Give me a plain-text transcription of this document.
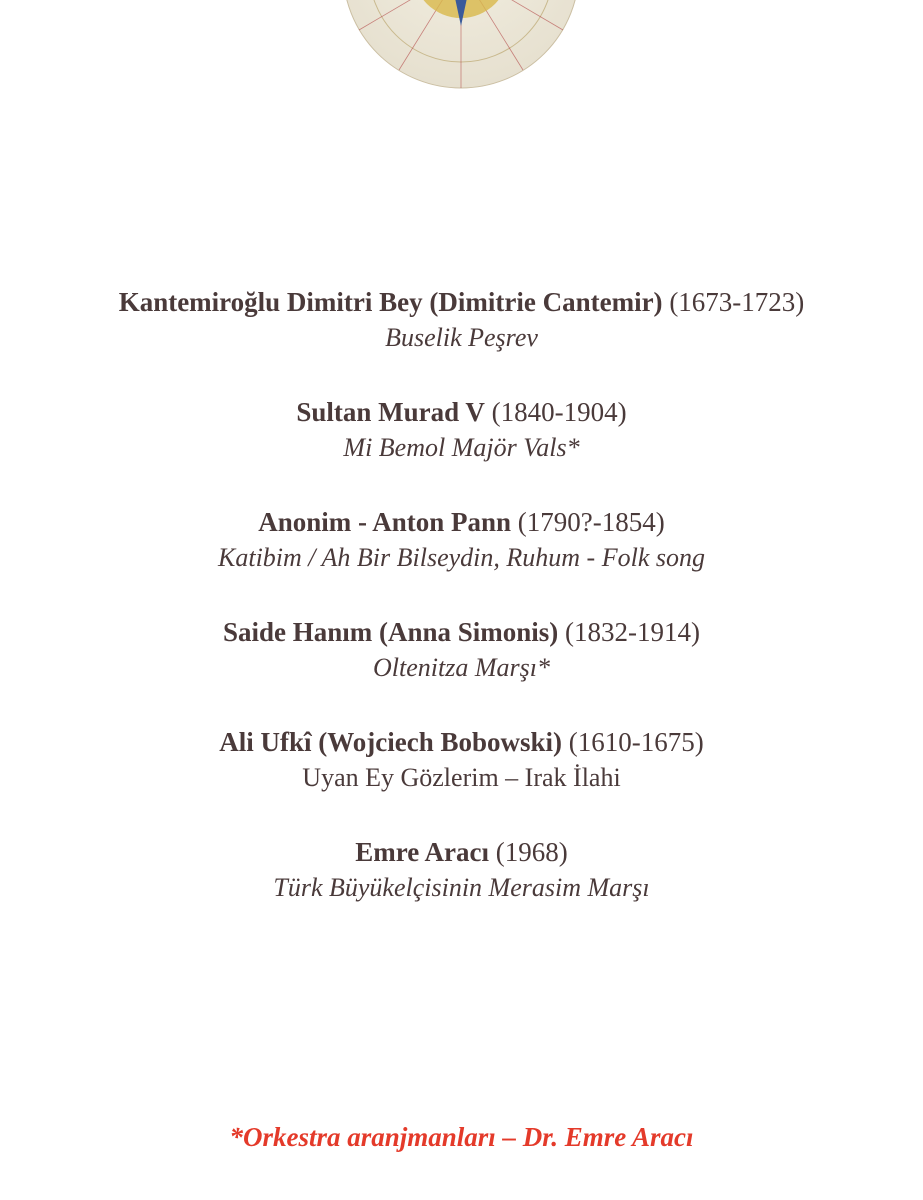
Kantemiroğlu Dimitri Bey (Dimitrie Cantemir) (1673-1723)
Buselik Peşrev
Sultan Murad V (1840-1904)
Mi Bemol Majör Vals*
Anonim - Anton Pann (1790?-1854)
Katibim / Ah Bir Bilseydin, Ruhum - Folk song
Saide Hanım (Anna Simonis) (1832-1914)
Oltenitza Marşı*
Ali Ufkî (Wojciech Bobowski) (1610-1675)
Uyan Ey Gözlerim – Irak İlahi
Emre Aracı (1968)
Türk Büyükelçisinin Merasim Marşı
*Orkestra aranjmanları – Dr. Emre Aracı
